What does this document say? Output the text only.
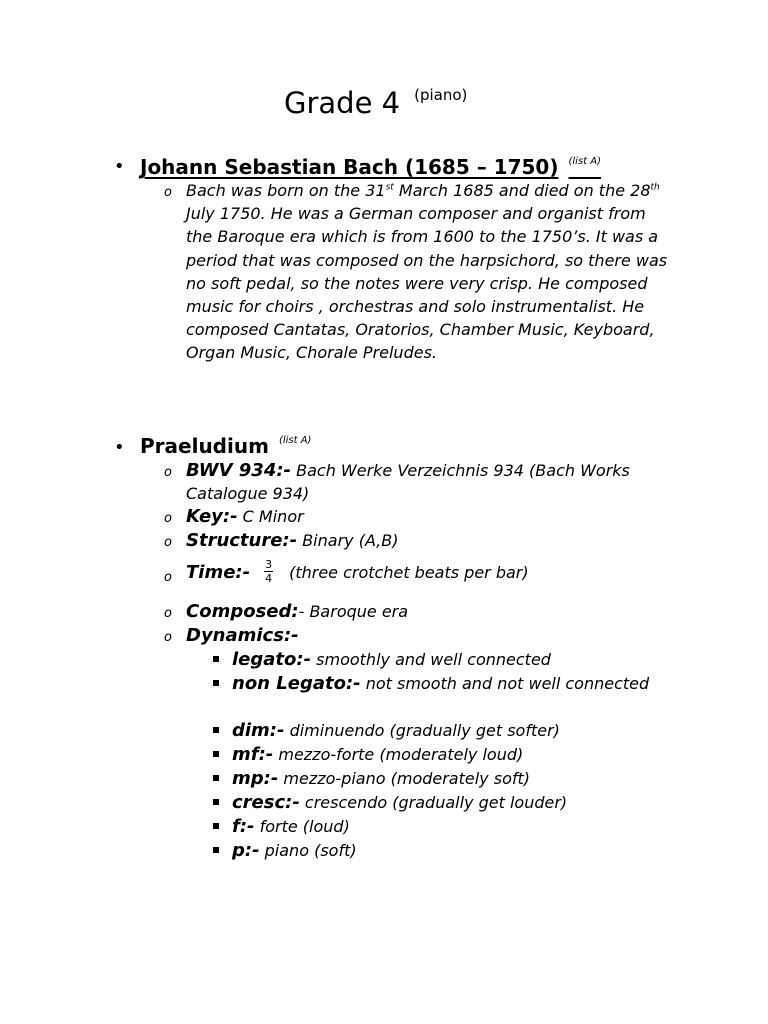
Grade 4 (piano)
• Johann Sebastian Bach (1685 – 1750) $^{(list A)}$
o Bach was born on the 31st March 1685 and died on the 28th July 1750. He was a German composer and organist from the Baroque era which is from 1600 to the 1750’s. It was a period that was composed on the harpsichord, so there was no soft pedal, so the notes were very crisp. He composed music for choirs , orchestras and solo instrumentalist. He composed Cantatas, Oratorios, Chamber Music, Keyboard, Organ Music, Chorale Preludes.
• Praeludium $^{(list A)}$
o BWV 934:- Bach Werke Verzeichnis 934 (Bach Works Catalogue 934)
o Key:- C Minor
o Structure:- Binary (A,B)
o Time:- $\frac{3}{4}$ (three crotchet beats per bar)
o Composed:- Baroque era
o Dynamics:-
legato:- smoothly and well connected
non Legato:- not smooth and not well connected
dim:- diminuendo (gradually get softer)
mf:- mezzo-forte (moderately loud)
mp:- mezzo-piano (moderately soft)
cresc:- crescendo (gradually get louder)
f:- forte (loud)
p:- piano (soft)
